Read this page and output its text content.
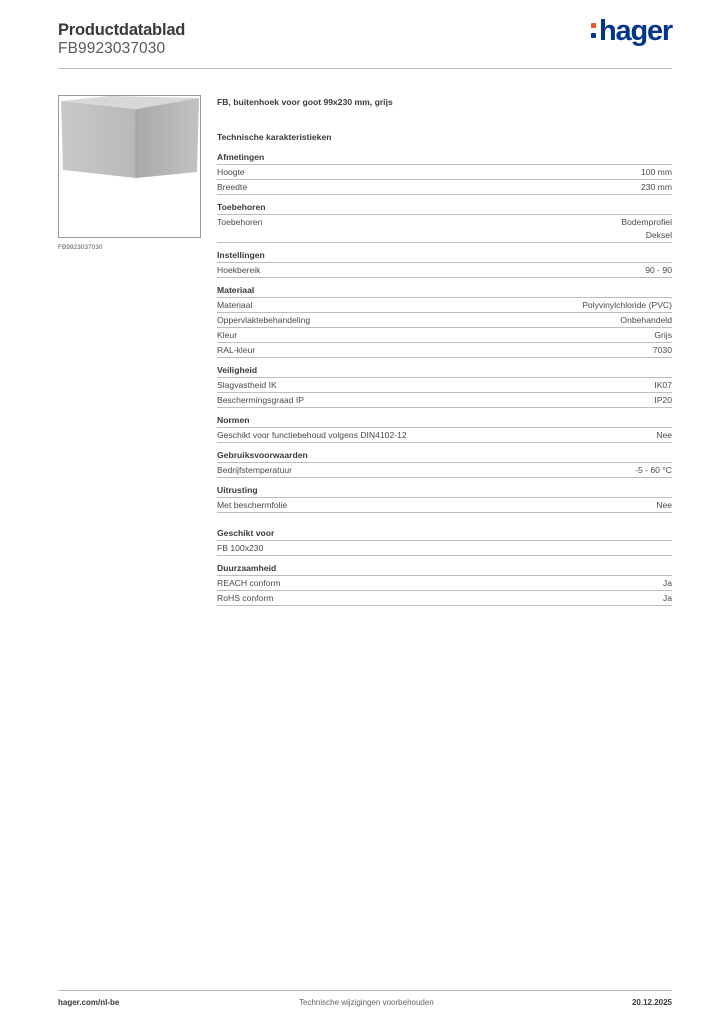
Productdatablad
FB9923037030
hager
FB9923037030
FB, buitenhoek voor goot 99x230 mm, grijs
Technische karakteristieken
Afmetingen
Hoogte	100 mm
Breedte	230 mm
Toebehoren
Toebehoren	Bodemprofiel
Deksel
Instellingen
Hoekbereik	90 - 90
Materiaal
Materiaal	Polyvinylchloride (PVC)
Oppervlaktebehandeling	Onbehandeld
Kleur	Grijs
RAL-kleur	7030
Veiligheid
Slagvastheid IK	IK07
Beschermingsgraad IP	IP20
Normen
Geschikt voor functiebehoud volgens DIN4102-12	Nee
Gebruiksvoorwaarden
Bedrijfstemperatuur	-5 - 60 °C
Uitrusting
Met beschermfolie	Nee
Geschikt voor
FB 100x230
Duurzaamheid
REACH conform	Ja
RoHS conform	Ja
hager.com/nl-be	Technische wijzigingen voorbehouden	20.12.2025
